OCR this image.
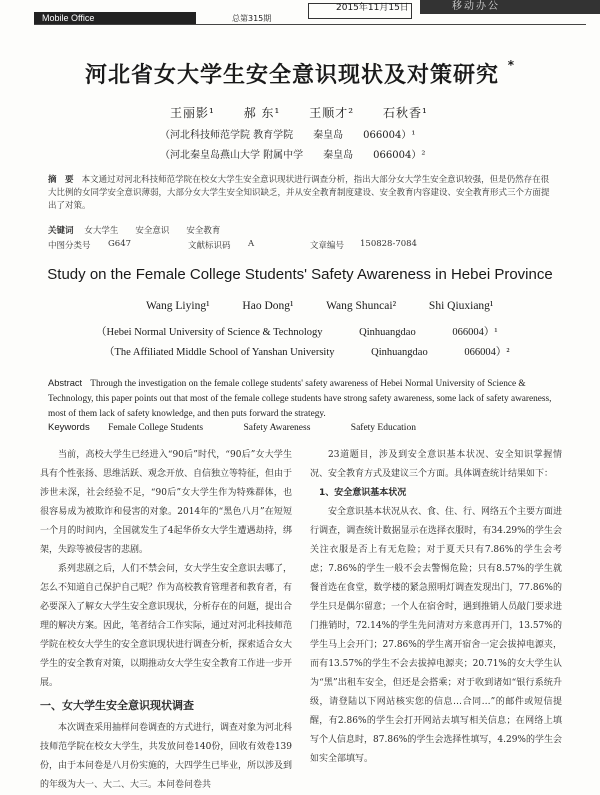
Mobile Office	总第315期
2015年11月15日	移动办公
河北省女大学生安全意识现状及对策研究 *
王丽影¹ 郝 东¹ 王顺才² 石秋香¹
（河北科技师范学院 教育学院　　秦皇岛　　066004）¹
（河北秦皇岛燕山大学 附属中学　　秦皇岛　　066004）²
摘　要 本文通过对河北科技师范学院在校女大学生安全意识现状进行调查分析，指出大部分女大学生安全意识较强，但是仍然存在很大比例的女同学安全意识薄弱，大部分女大学生安全知识缺乏，并从安全教育制度建设、安全教育内容建设、安全教育形式三个方面提出了对策。
关键词 女大学生　　安全意识　　安全教育
中图分类号 G647	文献标识码 A	文章编号 150828-7084
Study on the Female College Students' Safety Awareness in Hebei Province
Wang Liying¹	Hao Dong¹	Wang Shuncai²	Shi Qiuxiang¹
（Hebei Normal University of Science & Technology	Qinhuangdao	066004）¹
（The Affiliated Middle School of Yanshan University	Qinhuangdao	066004）²
Abstract Through the investigation on the female college students' safety awareness of Hebei Normal University of Science & Technology, this paper points out that most of the female college students have strong safety awareness, some lack of safety awareness, most of them lack of safety knowledge, and then puts forward the strategy.
Keywords Female College Students	Safety Awareness	Safety Education

当前，高校大学生已经进入“90后”时代，“90后”女大学生具有个性张扬、思维活跃、观念开放、自信独立等特征，但由于涉世未深，社会经验不足，“90后”女大学生作为特殊群体，也很容易成为被欺诈和侵害的对象。2014年的“黑色八月”在短短一个月的时间内，全国就发生了4起华侨女大学生遭遇劫持，绑架，失踪等被侵害的悲剧。

系列悲剧之后，人们不禁会问，女大学生安全意识去哪了，怎么不知道自己保护自己呢？作为高校教育管理者和教育者，有必要深入了解女大学生安全意识现状，分析存在的问题，提出合理的解决方案。因此，笔者结合工作实际，通过对河北科技师范学院在校女大学生的安全意识现状进行调查分析，探索适合女大学生的安全教育对策，以期推动女大学生安全教育工作进一步开展。

一、女大学生安全意识现状调查

本次调查采用抽样问卷调查的方式进行，调查对象为河北科技师范学院在校女大学生，共发放问卷140份，回收有效卷139份，由于本问卷是八月份实施的，大四学生已毕业，所以涉及到的年级为大一、大二、大三。本问卷问卷共

23道题目，涉及到安全意识基本状况、安全知识掌握情况、安全教育方式及建议三个方面。具体调查统计结果如下：

1、安全意识基本状况

安全意识基本状况从衣、食、住、行、网络五个主要方面进行调查，调查统计数据显示在选择衣服时，有34.29%的学生会关注衣服是否上有无危险；对于夏天只有7.86%的学生会考虑；7.86%的学生一般不会去警惕危险；只有8.57%的学生就餐首选在食堂，数学楼的紧急照明灯调查发现出门，77.86%的学生只是偶尔留意；一个人在宿舍时，遇到推销人员敲门要求进门推销时，72.14%的学生先问清对方来意再开门，13.57%的学生马上会开门；27.86%的学生离开宿舍一定会拔掉电源夹，而有13.57%的学生不会去拔掉电源夹；20.71%的女大学生认为“黑”出租车安全，但还是会搭乘；对于收到诸如“银行系统升级，请登陆以下网站核实您的信息…合同…”的邮件或短信提醒，有2.86%的学生会打开网站去填写相关信息；在网络上填写个人信息时，87.86%的学生会选择性填写，4.29%的学生会如实全部填写。
